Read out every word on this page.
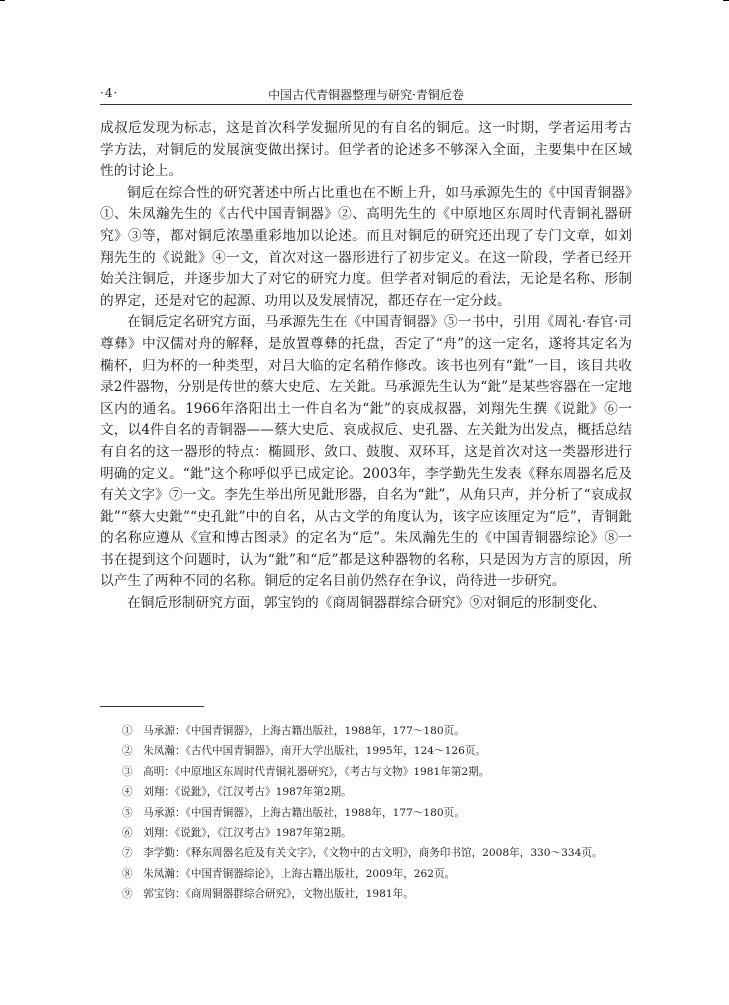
·4·	中国古代青铜器整理与研究·青铜卮卷

成叔卮发现为标志，这是首次科学发掘所见的有自名的铜卮。这一时期，学者运用考古学方法，对铜卮的发展演变做出探讨。但学者的论述多不够深入全面，主要集中在区域性的讨论上。

铜卮在综合性的研究著述中所占比重也在不断上升，如马承源先生的《中国青铜器》①、朱凤瀚先生的《古代中国青铜器》②、高明先生的《中原地区东周时代青铜礼器研究》③等，都对铜卮浓墨重彩地加以论述。而且对铜卮的研究还出现了专门文章，如刘翔先生的《说鈚》④一文，首次对这一器形进行了初步定义。在这一阶段，学者已经开始关注铜卮，并逐步加大了对它的研究力度。但学者对铜卮的看法，无论是名称、形制的界定，还是对它的起源、功用以及发展情况，都还存在一定分歧。

在铜卮定名研究方面，马承源先生在《中国青铜器》⑤一书中，引用《周礼·春官·司尊彝》中汉儒对舟的解释，是放置尊彝的托盘，否定了“舟”的这一定名，遂将其定名为椭杯，归为杯的一种类型，对吕大临的定名稍作修改。该书也列有“鈚”一目，该目共收录2件器物，分别是传世的蔡大史卮、左关鈚。马承源先生认为“鈚”是某些容器在一定地区内的通名。1966年洛阳出土一件自名为“鈚”的哀成叔器，刘翔先生撰《说鈚》⑥一文，以4件自名的青铜器——蔡大史卮、哀成叔卮、史孔器、左关鈚为出发点，概括总结有自名的这一器形的特点：椭圆形、敛口、鼓腹、双环耳，这是首次对这一类器形进行明确的定义。“鈚”这个称呼似乎已成定论。2003年，李学勤先生发表《释东周器名卮及有关文字》⑦一文。李先生举出所见鈚形器，自名为“鈚”，从角只声，并分析了“哀成叔鈚”“蔡大史鈚”“史孔鈚”中的自名，从古文学的角度认为，该字应该厘定为“卮”，青铜鈚的名称应遵从《宣和博古图录》的定名为“卮”。朱凤瀚先生的《中国青铜器综论》⑧一书在提到这个问题时，认为“鈚”和“卮”都是这种器物的名称，只是因为方言的原因，所以产生了两种不同的名称。铜卮的定名目前仍然存在争议，尚待进一步研究。

在铜卮形制研究方面，郭宝钧的《商周铜器群综合研究》⑨对铜卮的形制变化、

①　马承源：《中国青铜器》，上海古籍出版社，1988年，177～180页。

②　朱凤瀚：《古代中国青铜器》，南开大学出版社，1995年，124～126页。

③　高明：《中原地区东周时代青铜礼器研究》，《考古与文物》1981年第2期。

④　刘翔：《说鈚》，《江汉考古》1987年第2期。

⑤　马承源：《中国青铜器》，上海古籍出版社，1988年，177～180页。

⑥　刘翔：《说鈚》，《江汉考古》1987年第2期。

⑦　李学勤：《释东周器名卮及有关文字》，《文物中的古文明》，商务印书馆，2008年，330～334页。

⑧　朱凤瀚：《中国青铜器综论》，上海古籍出版社，2009年，262页。

⑨　郭宝钧：《商周铜器群综合研究》，文物出版社，1981年。
